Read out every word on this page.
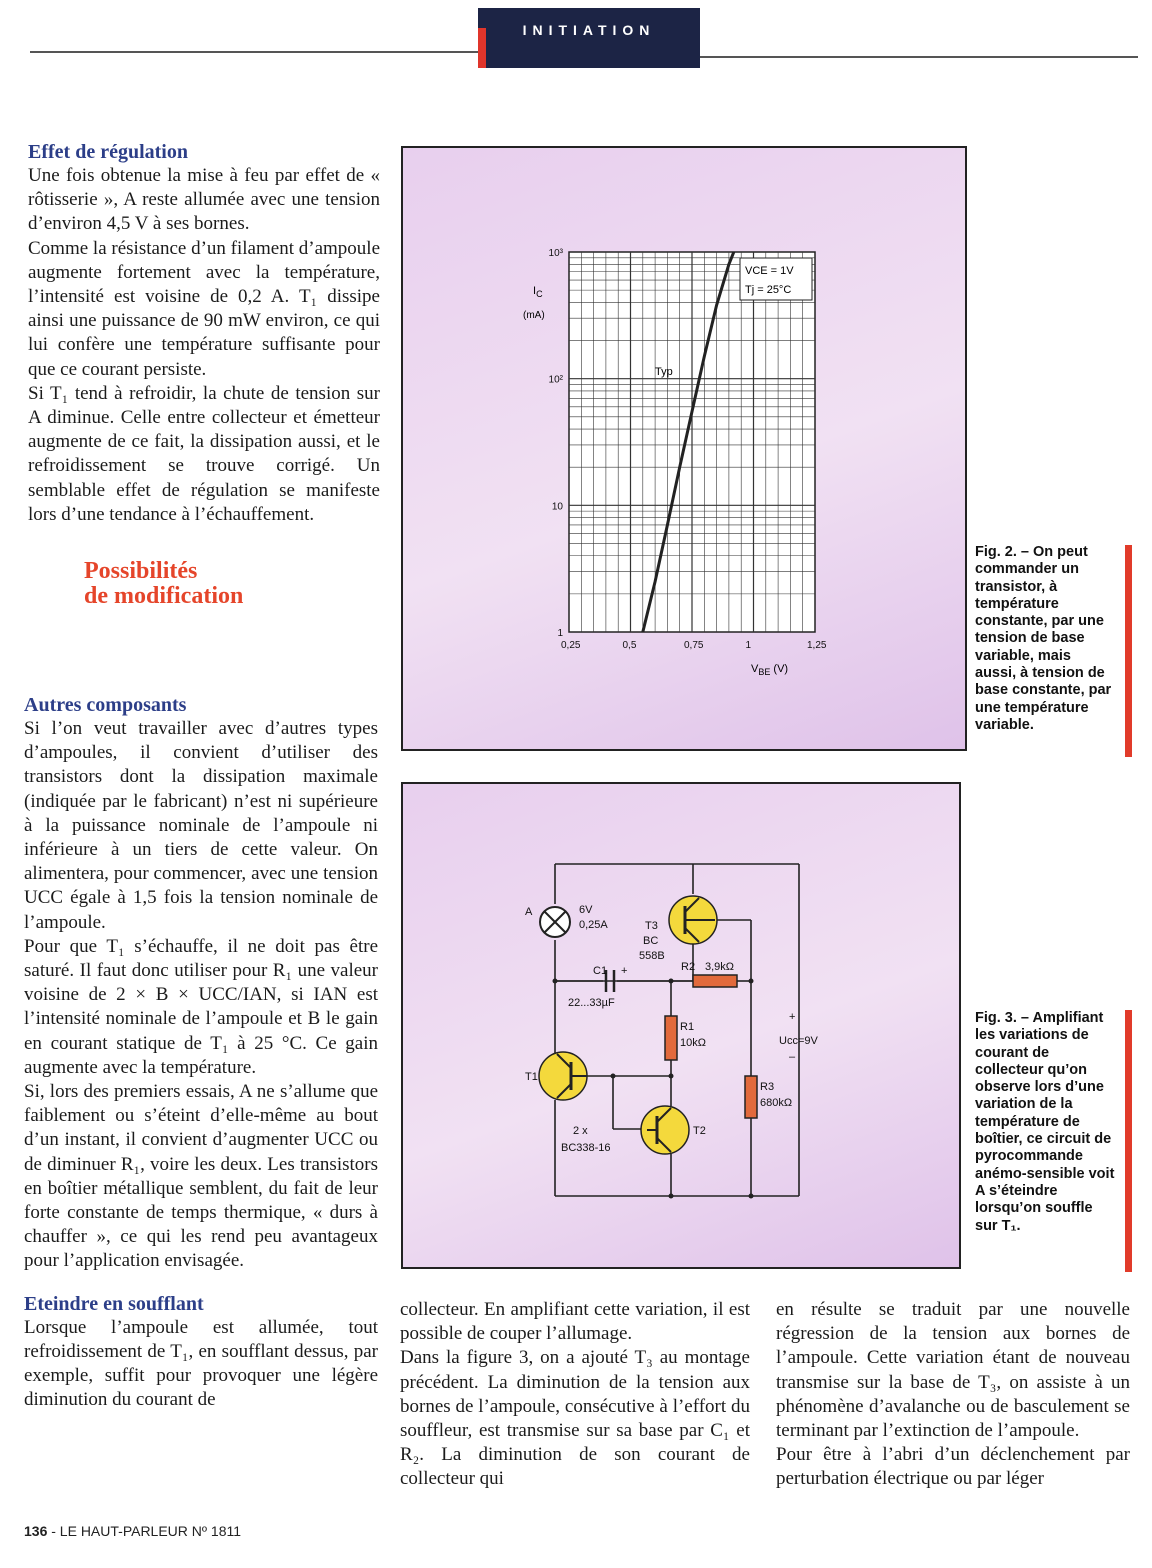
INITIATION
Effet de régulation

Une fois obtenue la mise à feu par effet de « rôtisserie », A reste allumée avec une tension d’environ 4,5 V à ses bornes.

Comme la résistance d’un filament d’ampoule augmente fortement avec la température, l’intensité est voisine de 0,2 A. T₁ dissipe ainsi une puissance de 90 mW environ, ce qui lui confère une température suffisante pour que ce courant persiste.

Si T₁ tend à refroidir, la chute de tension sur A diminue. Celle entre collecteur et émetteur augmente de ce fait, la dissipation aussi, et le refroidissement se trouve corrigé. Un semblable effet de régulation se manifeste lors d’une tendance à l’échauffement.

Possibilités
de modification
Autres composants

Si l’on veut travailler avec d’autres types d’ampoules, il convient d’utiliser des transistors dont la dissipation maximale (indiquée par le fabricant) n’est ni supérieure à la puissance nominale de l’ampoule ni inférieure à un tiers de cette valeur. On alimentera, pour commencer, avec une tension UCC égale à 1,5 fois la tension nominale de l’ampoule.

Pour que T₁ s’échauffe, il ne doit pas être saturé. Il faut donc utiliser pour R₁ une valeur voisine de 2 × B × UCC/IAN, si IAN est l’intensité nominale de l’ampoule et B le gain en courant statique de T₁ à 25 °C. Ce gain augmente avec la température.

Si, lors des premiers essais, A ne s’allume que faiblement ou s’éteint d’elle-même au bout d’un instant, il convient d’augmenter UCC ou de diminuer R₁, voire les deux. Les transistors en boîtier métallique semblent, du fait de leur forte constante de temps thermique, « durs à chauffer », ce qui les rend peu avantageux pour l’application envisagée.

Eteindre en soufflant

Lorsque l’ampoule est allumée, tout refroidissement de T₁, en soufflant dessus, par exemple, suffit pour provoquer une légère diminution du courant de

collecteur. En amplifiant cette variation, il est possible de couper l’allumage.

Dans la figure 3, on a ajouté T₃ au montage précédent. La diminution de la tension aux bornes de l’ampoule, consécutive à l’effort du souffleur, est transmise sur sa base par C₁ et R₂. La diminution de son courant de collecteur qui

en résulte se traduit par une nouvelle régression de la tension aux bornes de l’ampoule. Cette variation étant de nouveau transmise sur la base de T₃, on assiste à un phénomène d’avalanche ou de basculement se terminant par l’extinction de l’ampoule.

Pour être à l’abri d’un déclenchement par perturbation électrique ou par léger

0,25	0,5	0,75	1	1,25
1
10
10²
10³
$I_C$
(mA)
$V_{BE}$ (V)
VCE = 1V
Tj = 25°C
Typ
A	6V
0,25A	T3
BC
558B
C1 +
22...33µF
R2 3,9kΩ
R1
10kΩ
R3
680kΩ
T1
T2
2 x
BC338-16
+
Ucc=9V
–
Fig. 2. – On peut commander un transistor, à température constante, par une tension de base variable, mais aussi, à tension de base constante, par une température variable.
Fig. 3. – Amplifiant les variations de courant de collecteur qu’on observe lors d’une variation de la température de boîtier, ce circuit de pyrocommande anémo-sensible voit A s’éteindre lorsqu’on souffle sur T₁.
136 - LE HAUT-PARLEUR Nº 1811
